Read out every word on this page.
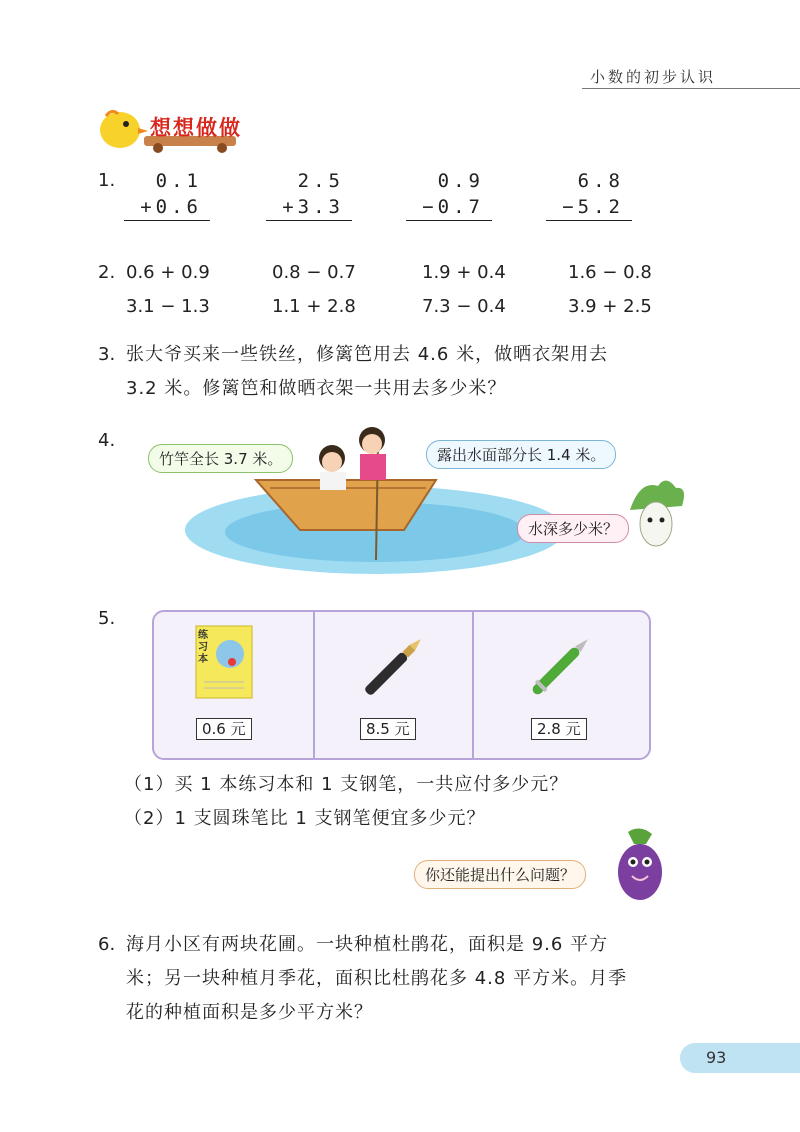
小数的初步认识
想想做做
1.	0.1
+0.6
2.5
+3.3
0.9
−0.7
6.8
−5.2
2. 0.6 + 0.9	0.8 − 0.7	1.9 + 0.4	1.6 − 0.8
3.1 − 1.3	1.1 + 2.8	7.3 − 0.4	3.9 + 2.5
3. 张大爷买来一些铁丝，修篱笆用去 4.6 米，做晒衣架用去
3.2 米。修篱笆和做晒衣架一共用去多少米？
4.
竹竿全长 3.7 米。	露出水面部分长 1.4 米。
水深多少米？
5.
练习本
0.6 元	8.5 元	2.8 元
（1）买 1 本练习本和 1 支钢笔，一共应付多少元？
（2）1 支圆珠笔比 1 支钢笔便宜多少元？
你还能提出什么问题？
6. 海月小区有两块花圃。一块种植杜鹃花，面积是 9.6 平方
米；另一块种植月季花，面积比杜鹃花多 4.8 平方米。月季
花的种植面积是多少平方米？
93
